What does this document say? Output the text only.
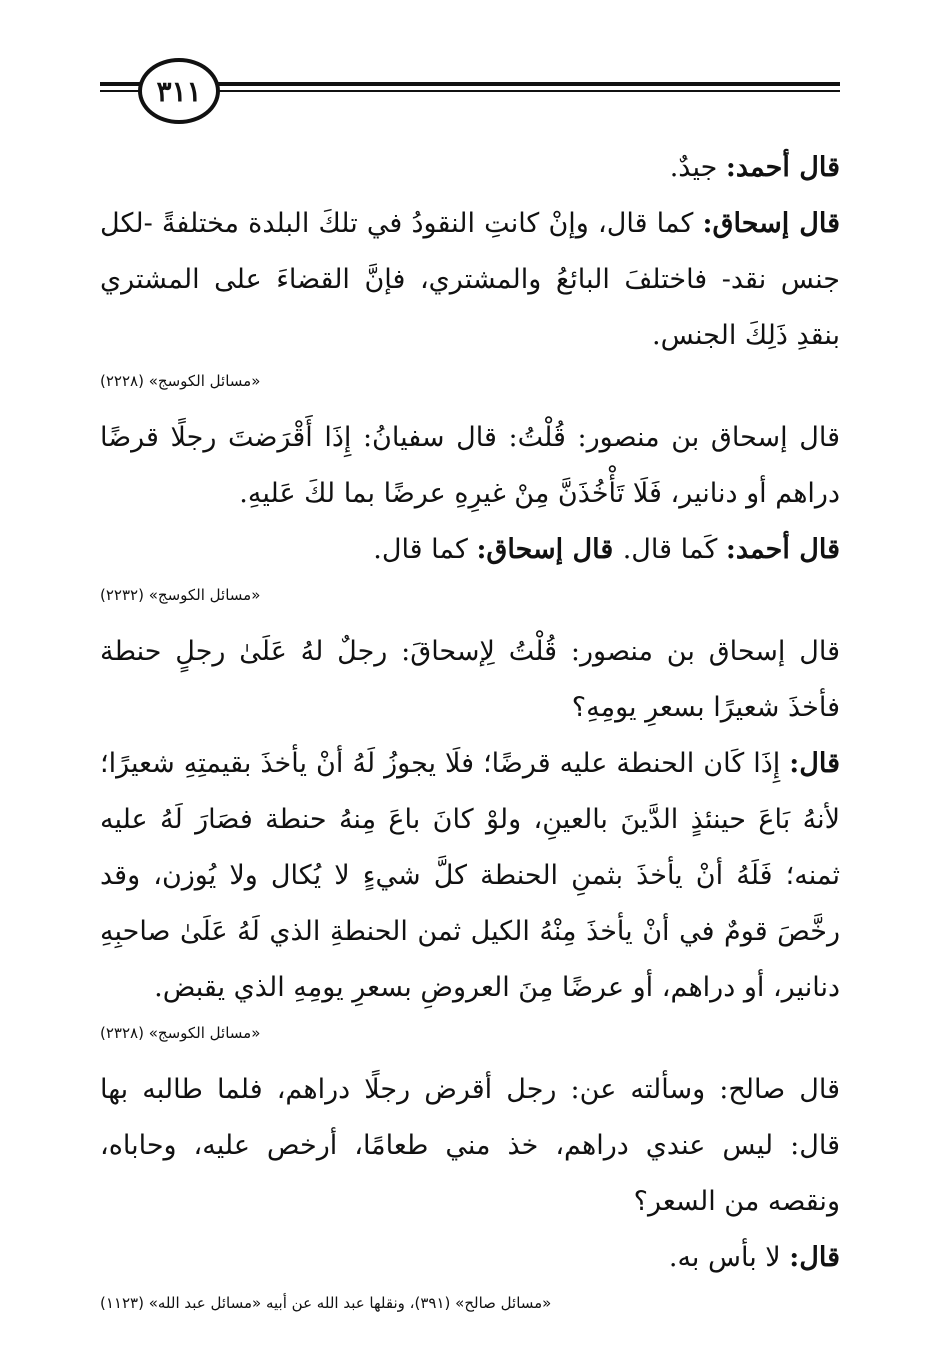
٣١١

قال أحمد: جيدٌ.

قال إسحاق: كما قال، وإنْ كانتِ النقودُ في تلكَ البلدة مختلفةً -لكل جنس نقد- فاختلفَ البائعُ والمشتري، فإنَّ القضاءَ على المشتري بنقدِ ذَلِكَ الجنس.

«مسائل الكوسج» (٢٢٢٨)

قال إسحاق بن منصور: قُلْتُ: قال سفيانُ: إِذَا أَقْرَضتَ رجلًا قرضًا دراهم أو دنانير، فَلَا تَأْخُذَنَّ مِنْ غيرِهِ عرضًا بما لكَ عَليهِ.

قال أحمد: كَما قال. قال إسحاق: كما قال.

«مسائل الكوسج» (٢٢٣٢)

قال إسحاق بن منصور: قُلْتُ لِإسحاقَ: رجلٌ لهُ عَلَىٰ رجلٍ حنطة فأخذَ شعيرًا بسعرِ يومِهِ؟

قال: إِذَا كَان الحنطة عليه قرضًا؛ فلَا يجوزُ لَهُ أنْ يأخذَ بقيمتِهِ شعيرًا؛ لأنهُ بَاعَ حينئذٍ الدَّينَ بالعينِ، ولوْ كانَ باعَ مِنهُ حنطة فصَارَ لَهُ عليه ثمنه؛ فَلَهُ أنْ يأخذَ بثمنِ الحنطة كلَّ شيءٍ لا يُكال ولا يُوزن، وقد رخَّصَ قومٌ في أنْ يأخذَ مِنْهُ الكيل ثمن الحنطةِ الذي لَهُ عَلَىٰ صاحبِهِ دنانير، أو دراهم، أو عرضًا مِنَ العروضِ بسعرِ يومِهِ الذي يقبض.

«مسائل الكوسج» (٢٣٢٨)

قال صالح: وسألته عن: رجل أقرض رجلًا دراهم، فلما طالبه بها قال: ليس عندي دراهم، خذ مني طعامًا، أرخص عليه، وحاباه، ونقصه من السعر؟

قال: لا بأس به.

«مسائل صالح» (٣٩١)، ونقلها عبد الله عن أبيه «مسائل عبد الله» (١١٢٣)
